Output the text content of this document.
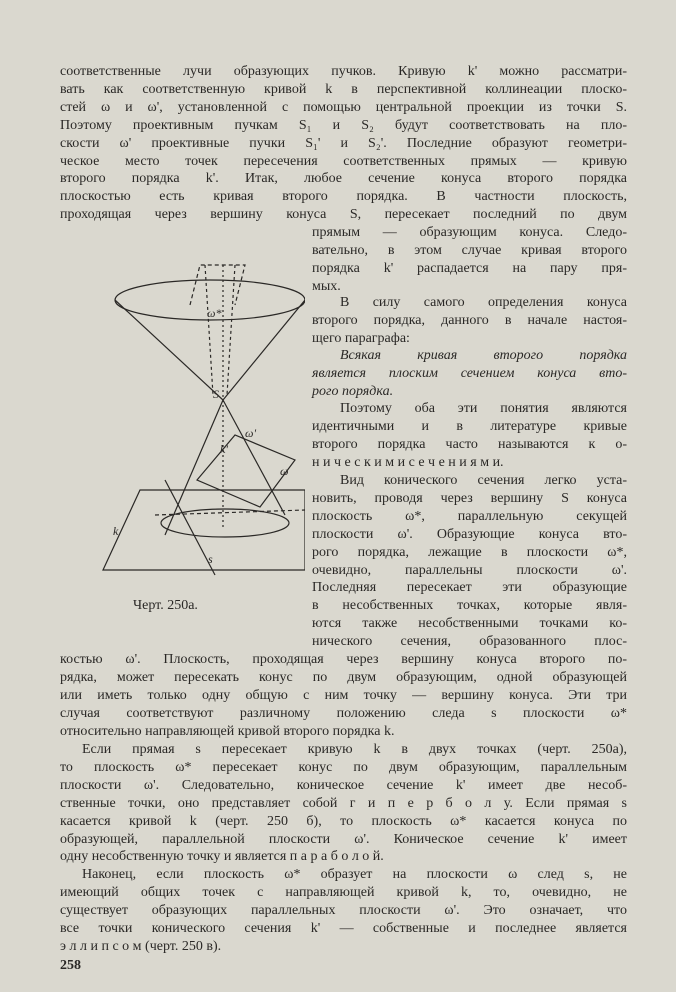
соответственные лучи образующих пучков. Кривую k' можно рассматри-
вать как соответственную кривой k в перспективной коллинеации плоско-
стей ω и ω', установленной с помощью центральной проекции из точки S.
Поэтому проективным пучкам S₁ и S₂ будут соответствовать на пло-
скости ω' проективные пучки S₁' и S₂'. Последние образуют геометри-
ческое место точек пересечения соответственных прямых — кривую
второго порядка k'. Итак, любое сечение конуса второго порядка
плоскостью есть кривая второго порядка. В частности плоскость,
проходящая через вершину конуса S, пересекает последний по двум
прямым — образующим конуса. Следо-
вательно, в этом случае кривая второго
порядка k' распадается на пару пря-
мых.
В силу самого определения конуса
второго порядка, данного в начале настоя-
щего параграфа:
Всякая кривая второго порядка
является плоским сечением конуса вто-
рого порядка.
Поэтому оба эти понятия являются
идентичными и в литературе кривые
второго порядка часто называются к о-
н и ч е с к и м и с е ч е н и я м и.
Вид конического сечения легко уста-
новить, проводя через вершину S конуса
плоскость ω*, параллельную секущей
плоскости ω'. Образующие конуса вто-
рого порядка, лежащие в плоскости ω*,
очевидно, параллельны плоскости ω'.
Последняя пересекает эти образующие
в несобственных точках, которые явля-
ются также несобственными точками ко-
нического сечения, образованного плос-
костью ω'. Плоскость, проходящая через вершину конуса второго по-
рядка, может пересекать конус по двум образующим, одной образующей
или иметь только одну общую с ним точку — вершину конуса. Эти три
случая соответствуют различному положению следа s плоскости ω*
относительно направляющей кривой второго порядка k.
Если прямая s пересекает кривую k в двух точках (черт. 250а),
то плоскость ω* пересекает конус по двум образующим, параллельным
плоскости ω'. Следовательно, коническое сечение k' имеет две несоб-
ственные точки, оно представляет собой г и п е р б о л у. Если прямая s
касается кривой k (черт. 250 б), то плоскость ω* касается конуса по
образующей, параллельной плоскости ω'. Коническое сечение k' имеет
одну несобственную точку и является п а р а б о л о й.
Наконец, если плоскость ω* образует на плоскости ω след s, не
имеющий общих точек с направляющей кривой k, то, очевидно, не
существует образующих параллельных плоскости ω'. Это означает, что
все точки конического сечения k' — собственные и последнее является
э л л и п с о м (черт. 250 в).
ω*
S
ω'
ω
k'
k
s
Черт. 250а.
258
